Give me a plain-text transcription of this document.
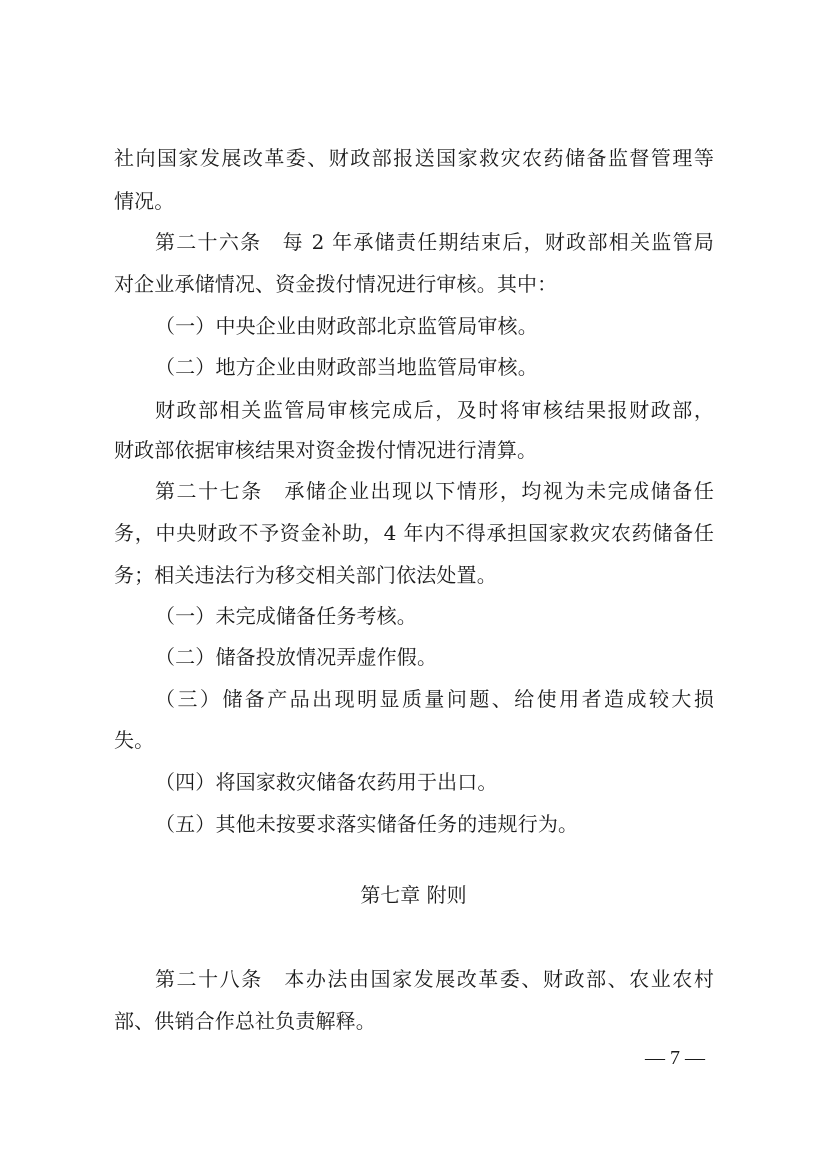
社向国家发展改革委、财政部报送国家救灾农药储备监督管理等
情况。
第二十六条　每 2 年承储责任期结束后，财政部相关监管局
对企业承储情况、资金拨付情况进行审核。其中：
（一）中央企业由财政部北京监管局审核。
（二）地方企业由财政部当地监管局审核。
财政部相关监管局审核完成后，及时将审核结果报财政部，
财政部依据审核结果对资金拨付情况进行清算。
第二十七条　承储企业出现以下情形，均视为未完成储备任
务，中央财政不予资金补助，4 年内不得承担国家救灾农药储备任
务；相关违法行为移交相关部门依法处置。
（一）未完成储备任务考核。
（二）储备投放情况弄虚作假。
（三）储备产品出现明显质量问题、给使用者造成较大损
失。
（四）将国家救灾储备农药用于出口。
（五）其他未按要求落实储备任务的违规行为。
第七章 附则
第二十八条　本办法由国家发展改革委、财政部、农业农村
部、供销合作总社负责解释。
— 7 —
